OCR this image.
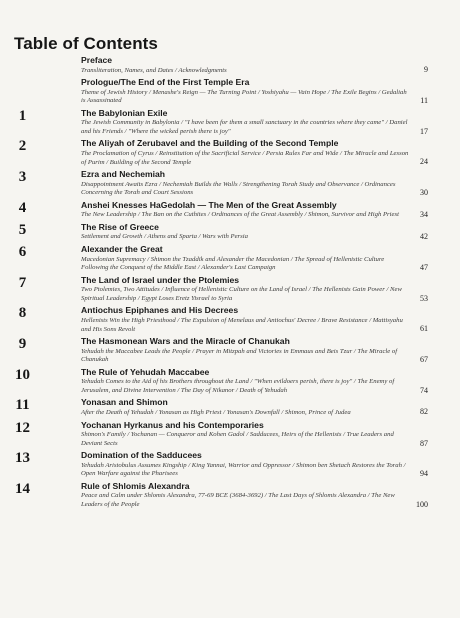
Table of Contents
Preface
Transliteration, Names, and Dates / Acknowledgments	9
Prologue/The End of the First Temple Era
Theme of Jewish History / Menashe's Reign — The Turning Point / Yoshiyahu — Vain Hope / The Exile Begins / Gedaliah is Assassinated	11
1	The Babylonian Exile
The Jewish Community in Babylonia / "I have been for them a small sanctuary in the countries where they came" / Daniel and his Friends / "Where the wicked perish there is joy"	17
2	The Aliyah of Zerubavel and the Building of the Second Temple
The Proclamation of Cyrus / Reinstitution of the Sacrificial Service / Persia Rules Far and Wide / The Miracle and Lesson of Purim / Building of the Second Temple	24
3	Ezra and Nechemiah
Disappointment Awaits Ezra / Nechemiah Builds the Walls / Strengthening Torah Study and Observance / Ordinances Concerning the Torah and Court Sessions	30
4	Anshei Knesses HaGedolah — The Men of the Great Assembly
The New Leadership / The Ban on the Cuthites / Ordinances of the Great Assembly / Shimon, Survivor and High Priest	34
5	The Rise of Greece
Settlement and Growth / Athens and Sparta / Wars with Persia	42
6	Alexander the Great
Macedonian Supremacy / Shimon the Tzaddik and Alexander the Macedonian / The Spread of Hellenistic Culture Following the Conquest of the Middle East / Alexander's Last Campaign	47
7	The Land of Israel under the Ptolemies
Two Ptolemies, Two Attitudes / Influence of Hellenistic Culture on the Land of Israel / The Hellenists Gain Power / New Spiritual Leadership / Egypt Loses Eretz Yisrael to Syria	53
8	Antiochus Epiphanes and His Decrees
Hellenists Win the High Priesthood / The Expulsion of Menelaus and Antiochus' Decree / Brave Resistance / Mattisyahu and His Sons Revolt	61
9	The Hasmonean Wars and the Miracle of Chanukah
Yehudah the Maccabee Leads the People / Prayer in Mitzpah and Victories in Emmaus and Beis Tzur / The Miracle of Chanukah	67
10	The Rule of Yehudah Maccabee
Yehudah Comes to the Aid of his Brothers throughout the Land / "When evildoers perish, there is joy" / The Enemy of Jerusalem, and Divine Intervention / The Day of Nikanor / Death of Yehudah	74
11	Yonasan and Shimon
After the Death of Yehudah / Yonasan as High Priest / Yonasan's Downfall / Shimon, Prince of Judea	82
12	Yochanan Hyrkanus and his Contemporaries
Shimon's Family / Yochanan — Conqueror and Kohen Gadol / Sadducees, Heirs of the Hellenists / True Leaders and Deviant Sects	87
13	Domination of the Sadducees
Yehudah Aristobulus Assumes Kingship / King Yannai, Warrior and Oppressor / Shimon ben Shetach Restores the Torah / Open Warfare against the Pharisees	94
14	Rule of Shlomis Alexandra
Peace and Calm under Shlomis Alexandra, 77-69 BCE (3684-3692) / The Last Days of Shlomis Alexandra / The New Leaders of the People	100
